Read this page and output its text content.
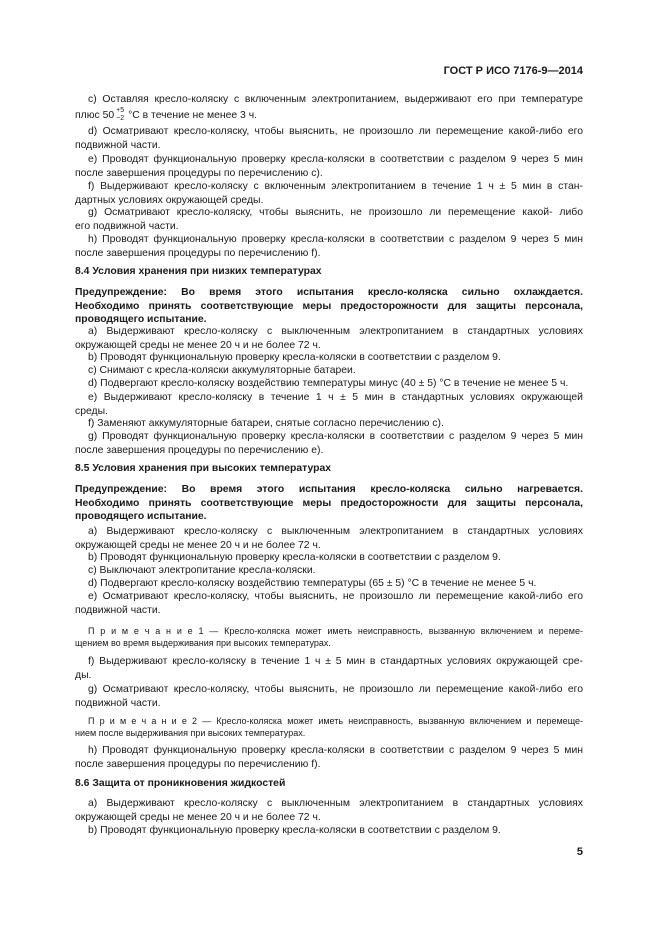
ГОСТ Р ИСО 7176-9—2014
c) Оставляя кресло-коляску с включенным электропитанием, выдерживают его при температуре
плюс 50 +5
−2 °С в течение не менее 3 ч.
d) Осматривают кресло-коляску, чтобы выяснить, не произошло ли перемещение какой-либо его
подвижной части.
e) Проводят функциональную проверку кресла-коляски в соответствии с разделом 9 через 5 мин
после завершения процедуры по перечислению c).
f) Выдерживают кресло-коляску с включенным электропитанием в течение 1 ч ± 5 мин в стан-
дартных условиях окружающей среды.
g) Осматривают кресло-коляску, чтобы выяснить, не произошло ли перемещение какой- либо
его подвижной части.
h) Проводят функциональную проверку кресла-коляски в соответствии с разделом 9 через 5 мин
после завершения процедуры по перечислению f).
8.4 Условия хранения при низких температурах
Предупреждение: Во время этого испытания кресло-коляска сильно охлаждается.
Необходимо принять соответствующие меры предосторожности для защиты персонала,
проводящего испытание.
a) Выдерживают кресло-коляску с выключенным электропитанием в стандартных условиях
окружающей среды не менее 20 ч и не более 72 ч.
b) Проводят функциональную проверку кресла-коляски в соответствии с разделом 9.
c) Снимают с кресла-коляски аккумуляторные батареи.
d) Подвергают кресло-коляску воздействию температуры минус (40 ± 5) °С в течение не менее 5 ч.
e) Выдерживают кресло-коляску в течение 1 ч ± 5 мин в стандартных условиях окружающей
среды.
f) Заменяют аккумуляторные батареи, снятые согласно перечислению c).
g) Проводят функциональную проверку кресла-коляски в соответствии с разделом 9 через 5 мин
после завершения процедуры по перечислению e).
8.5 Условия хранения при высоких температурах
Предупреждение: Во время этого испытания кресло-коляска сильно нагревается.
Необходимо принять соответствующие меры предосторожности для защиты персонала,
проводящего испытание.
a) Выдерживают кресло-коляску с выключенным электропитанием в стандартных условиях
окружающей среды не менее 20 ч и не более 72 ч.
b) Проводят функциональную проверку кресла-коляски в соответствии с разделом 9.
c) Выключают электропитание кресла-коляски.
d) Подвергают кресло-коляску воздействию температуры (65 ± 5) °С в течение не менее 5 ч.
e) Осматривают кресло-коляску, чтобы выяснить, не произошло ли перемещение какой-либо его
подвижной части.
П р и м е ч а н и е 1 — Кресло-коляска может иметь неисправность, вызванную включением и переме-
щением во время выдерживания при высоких температурах.
f) Выдерживают кресло-коляску в течение 1 ч ± 5 мин в стандартных условиях окружающей сре-
ды.
g) Осматривают кресло-коляску, чтобы выяснить, не произошло ли перемещение какой-либо его
подвижной части.
П р и м е ч а н и е 2 — Кресло-коляска может иметь неисправность, вызванную включением и перемеще-
нием после выдерживания при высоких температурах.
h) Проводят функциональную проверку кресла-коляски в соответствии с разделом 9 через 5 мин
после завершения процедуры по перечислению f).
8.6 Защита от проникновения жидкостей
a) Выдерживают кресло-коляску с выключенным электропитанием в стандартных условиях
окружающей среды не менее 20 ч и не более 72 ч.
b) Проводят функциональную проверку кресла-коляски в соответствии с разделом 9.
5
